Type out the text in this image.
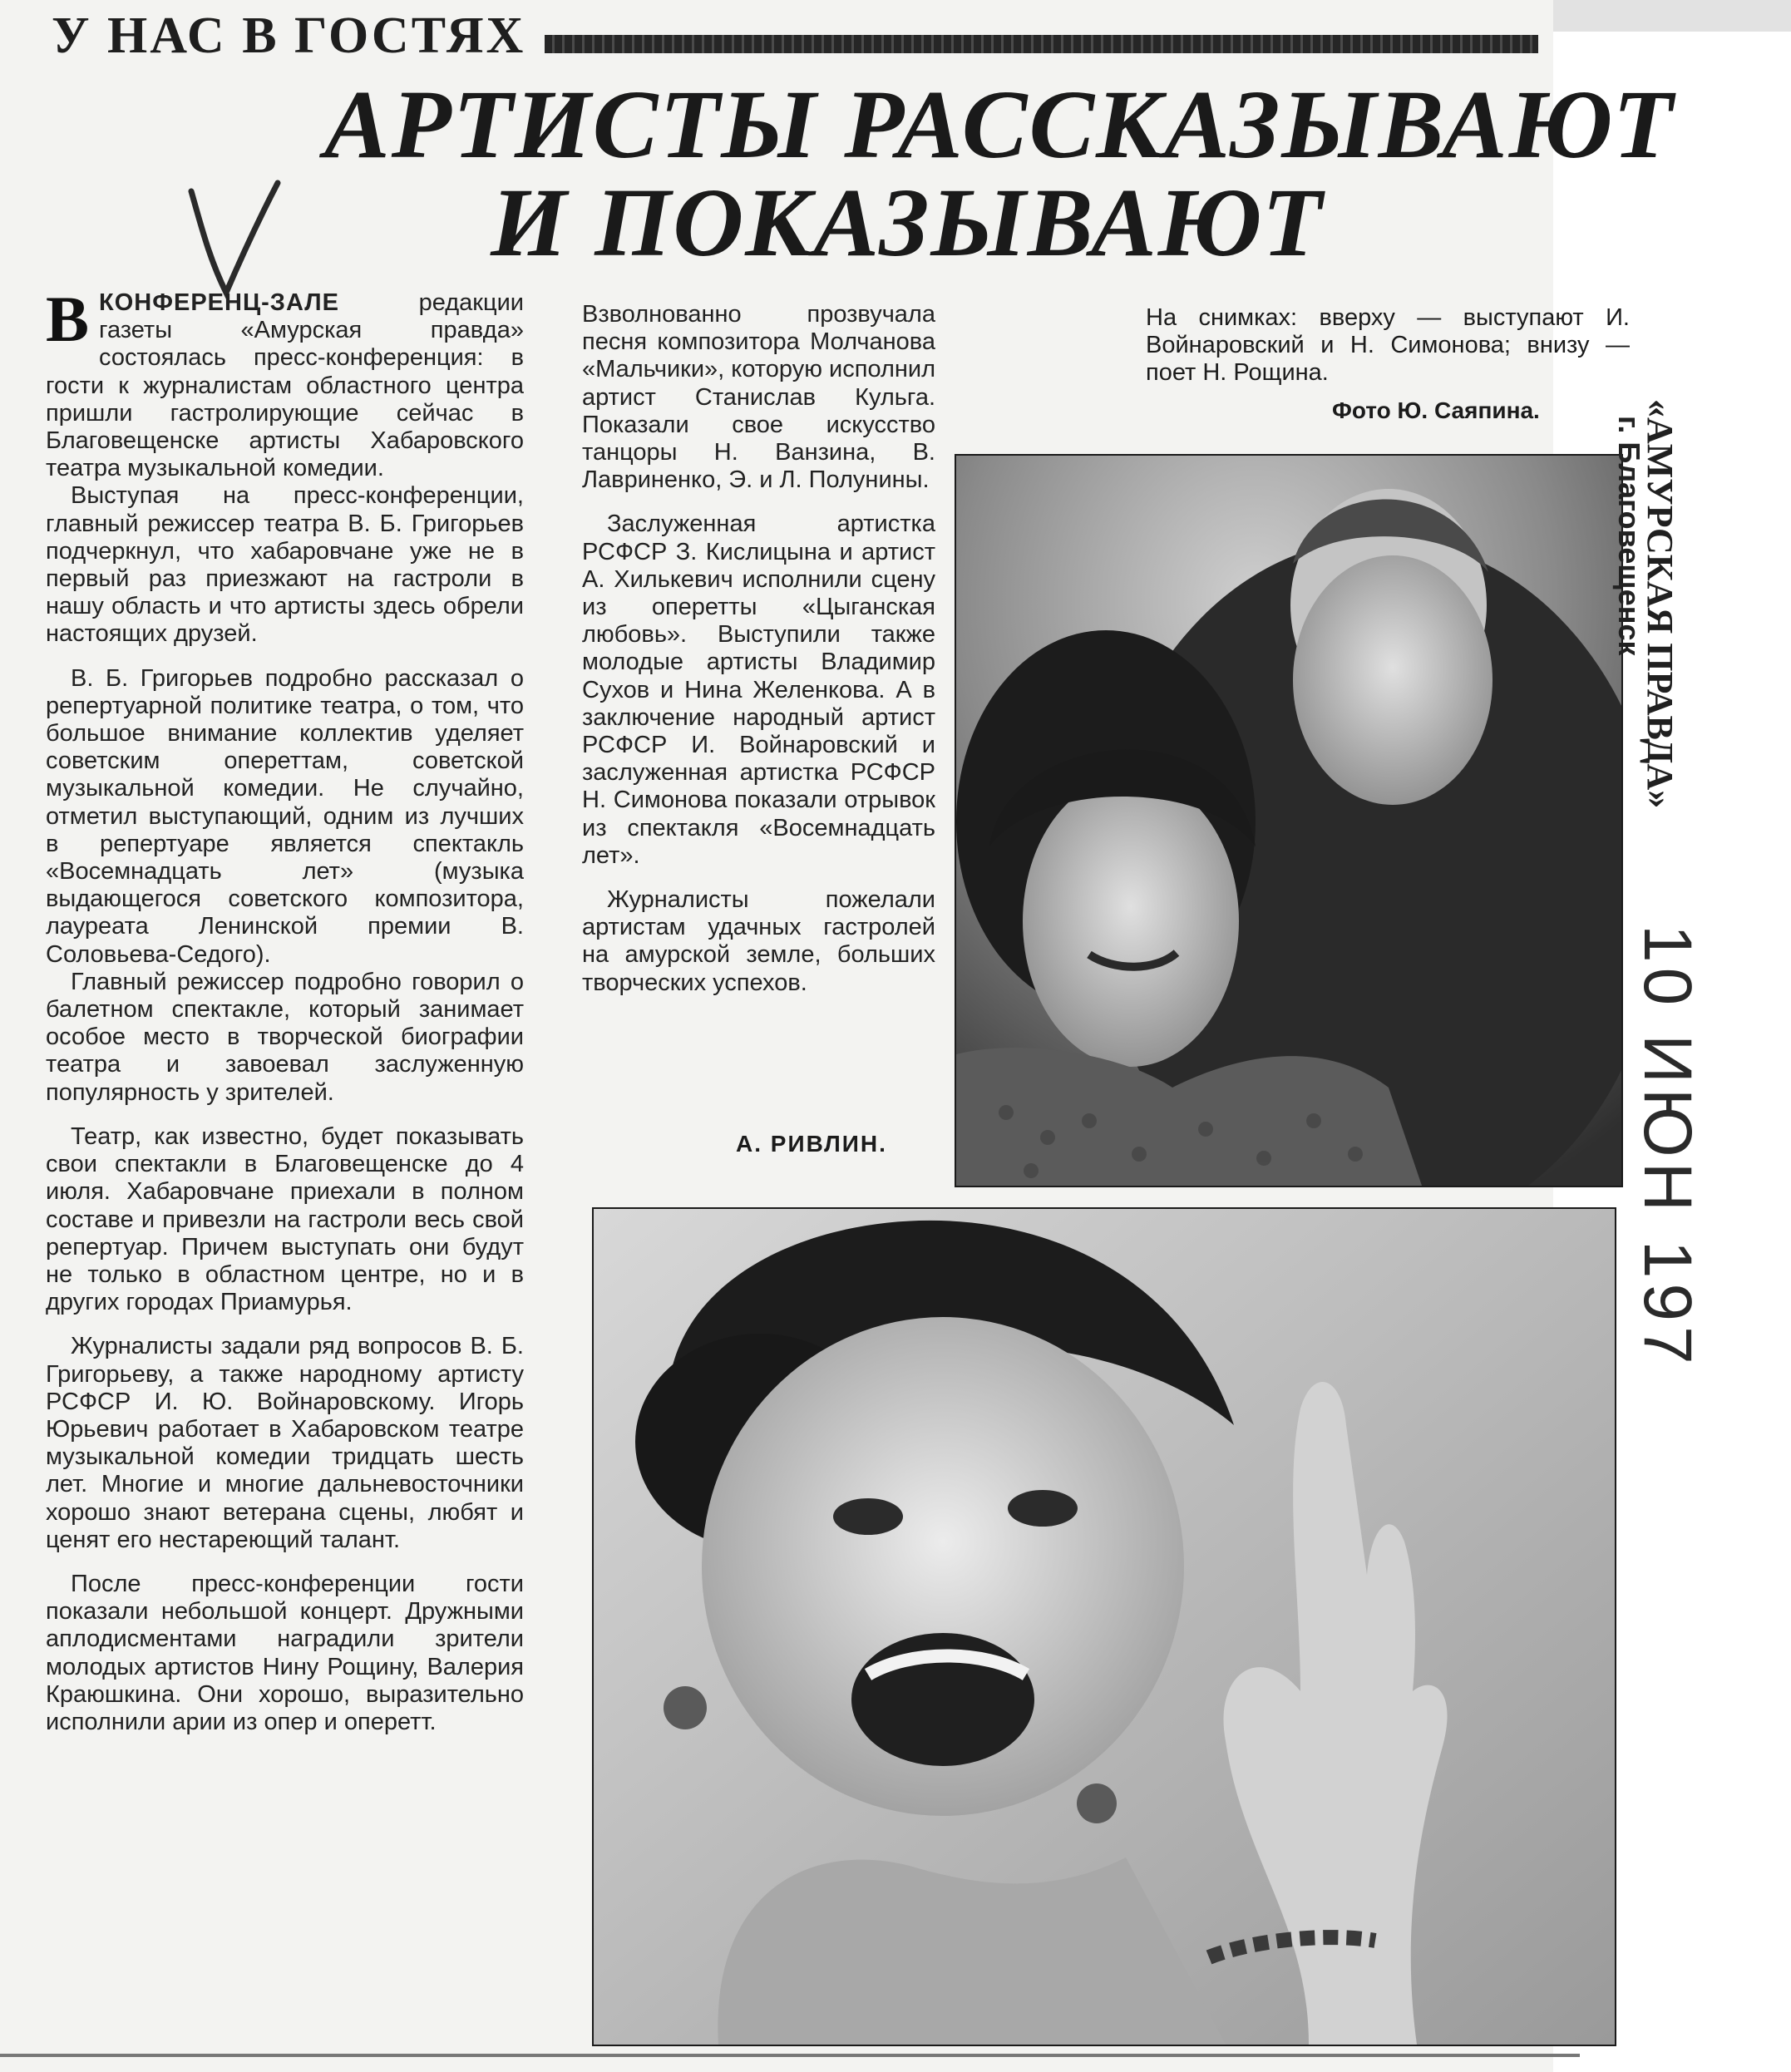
У НАС В ГОСТЯХ
АРТИСТЫ РАССКАЗЫВАЮТ
И ПОКАЗЫВАЮТ

ВКОНФЕРЕНЦ-ЗАЛЕ редакции газеты «Амурская правда» состоялась пресс-конференция: в гости к журналистам областного центра пришли гастролирующие сейчас в Благовещенске артисты Хабаровского театра музыкальной комедии.

Выступая на пресс-конференции, главный режиссер театра В. Б. Григорьев подчеркнул, что хабаровчане уже не в первый раз приезжают на гастроли в нашу область и что артисты здесь обрели настоящих друзей.

В. Б. Григорьев подробно рассказал о репертуарной политике театра, о том, что большое внимание коллектив уделяет советским опереттам, советской музыкальной комедии. Не случайно, отметил выступающий, одним из лучших в репертуаре является спектакль «Восемнадцать лет» (музыка выдающегося советского композитора, лауреата Ленинской премии В. Соловьева-Седого).

Главный режиссер подробно говорил о балетном спектакле, который занимает особое место в творческой биографии театра и завоевал заслуженную популярность у зрителей.

Театр, как известно, будет показывать свои спектакли в Благовещенске до 4 июля. Хабаровчане приехали в полном составе и привезли на гастроли весь свой репертуар. Причем выступать они будут не только в областном центре, но и в других городах Приамурья.

Журналисты задали ряд вопросов В. Б. Григорьеву, а также народному артисту РСФСР И. Ю. Войнаровскому. Игорь Юрьевич работает в Хабаровском театре музыкальной комедии тридцать шесть лет. Многие и многие дальневосточники хорошо знают ветерана сцены, любят и ценят его нестареющий талант.

После пресс-конференции гости показали небольшой концерт. Дружными аплодисментами наградили зрители молодых артистов Нину Рощину, Валерия Краюшкина. Они хорошо, выразительно исполнили арии из опер и оперетт.

Взволнованно прозвучала песня композитора Молчанова «Мальчики», которую исполнил артист Станислав Кульга. Показали свое искусство танцоры Н. Ванзина, В. Лавриненко, Э. и Л. Полунины.

Заслуженная артистка РСФСР З. Кислицына и артист А. Хилькевич исполнили сцену из оперетты «Цыганская любовь». Выступили также молодые артисты Владимир Сухов и Нина Желенкова. А в заключение народный артист РСФСР И. Войнаровский и заслуженная артистка РСФСР Н. Симонова показали отрывок из спектакля «Восемнадцать лет».

Журналисты пожелали артистам удачных гастролей на амурской земле, больших творческих успехов.

А. РИВЛИН.

На снимках: вверху — выступают И. Войнаровский и Н. Симонова; внизу — поет Н. Рощина.

Фото Ю. Саяпина.	«АМУРСКАЯ ПРАВДА»
г. Благовещенск
10 ИЮН 197
